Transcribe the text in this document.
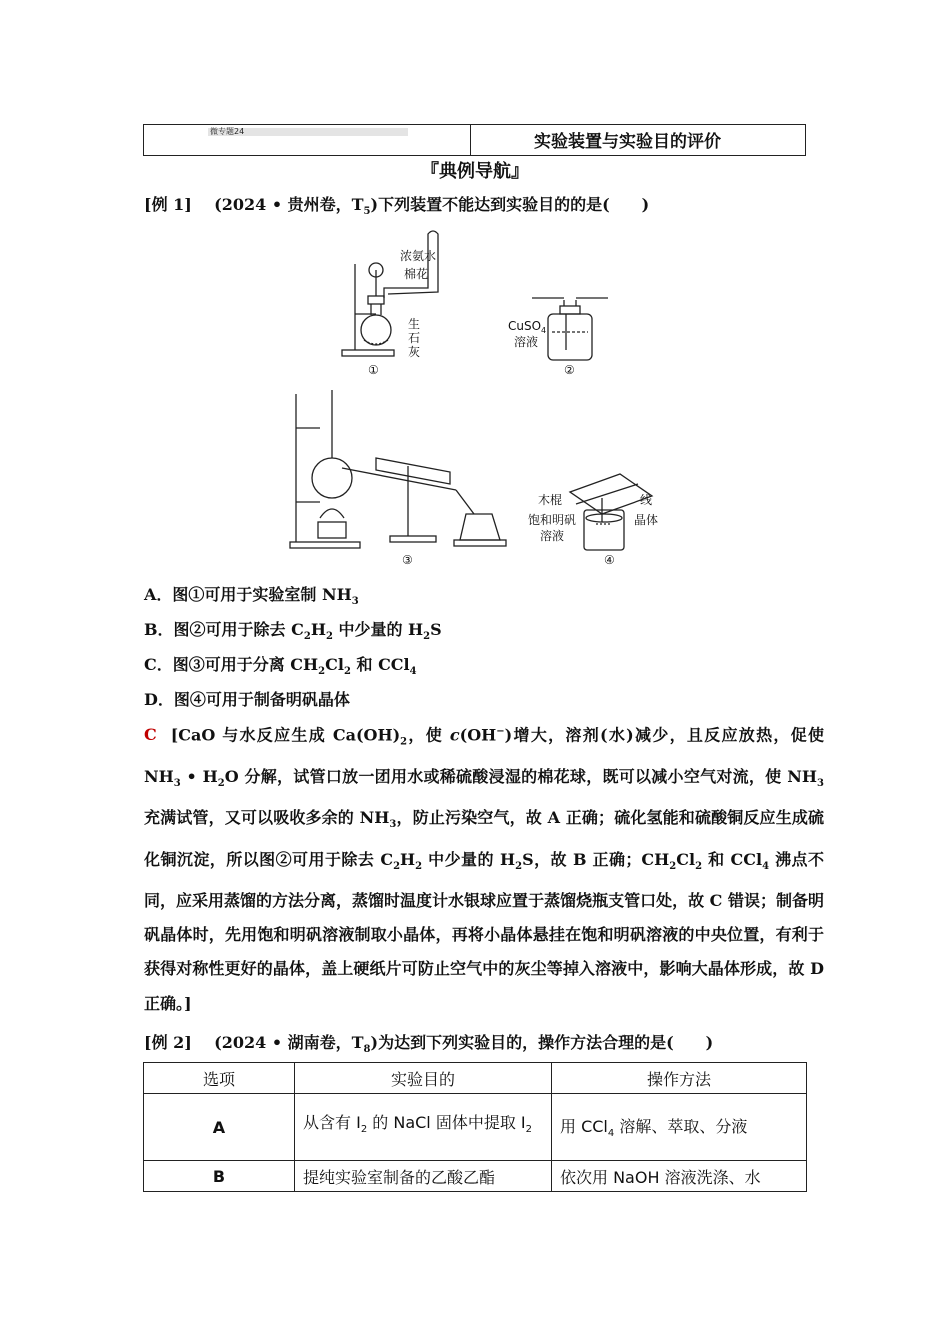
微专题24
实验装置与实验目的评价
『典例导航』
[例 1] (2024 • 贵州卷，$T_5$)下列装置不能达到实验目的的是(　　)
浓氨水
棉花
生
石
灰
①
CuSO$_4$
溶液
②
③
木棍	线
饱和明矾
溶液
晶体
④
A．图①可用于实验室制 $NH_3$
B．图②可用于除去 $C_2H_2$ 中少量的 $H_2S$
C．图③可用于分离 $CH_2Cl_2$ 和 CCl$_4$
D．图④可用于制备明矾晶体
C [CaO 与水反应生成 $Ca(OH)_2$，使 c(OH−)增大，溶剂(水)减少，且反应放热，促使 $NH_3$ • $H_2O$ 分解，试管口放一团用水或稀硫酸浸湿的棉花球，既可以减小空气对流，使 $NH_3$ 充满试管，又可以吸收多余的 $NH_3$，防止污染空气，故 A 正确；硫化氢能和硫酸铜反应生成硫化铜沉淀，所以图②可用于除去 $C_2H_2$ 中少量的 $H_2S$，故 B 正确；$CH_2Cl_2$ 和 CCl$_4$ 沸点不同，应采用蒸馏的方法分离，蒸馏时温度计水银球应置于蒸馏烧瓶支管口处，故 C 错误；制备明矾晶体时，先用饱和明矾溶液制取小晶体，再将小晶体悬挂在饱和明矾溶液的中央位置，有利于获得对称性更好的晶体，盖上硬纸片可防止空气中的灰尘等掉入溶液中，影响大晶体形成，故 D 正确。]
[例 2] (2024 • 湖南卷，$T_8$)为达到下列实验目的，操作方法合理的是(　　)
选项	实验目的	操作方法
A	从含有 $I_2$ 的 NaCl 固体中提取 $I_2$	用 CCl$_4$ 溶解、萃取、分液
B	提纯实验室制备的乙酸乙酯	依次用 NaOH 溶液洗涤、水
